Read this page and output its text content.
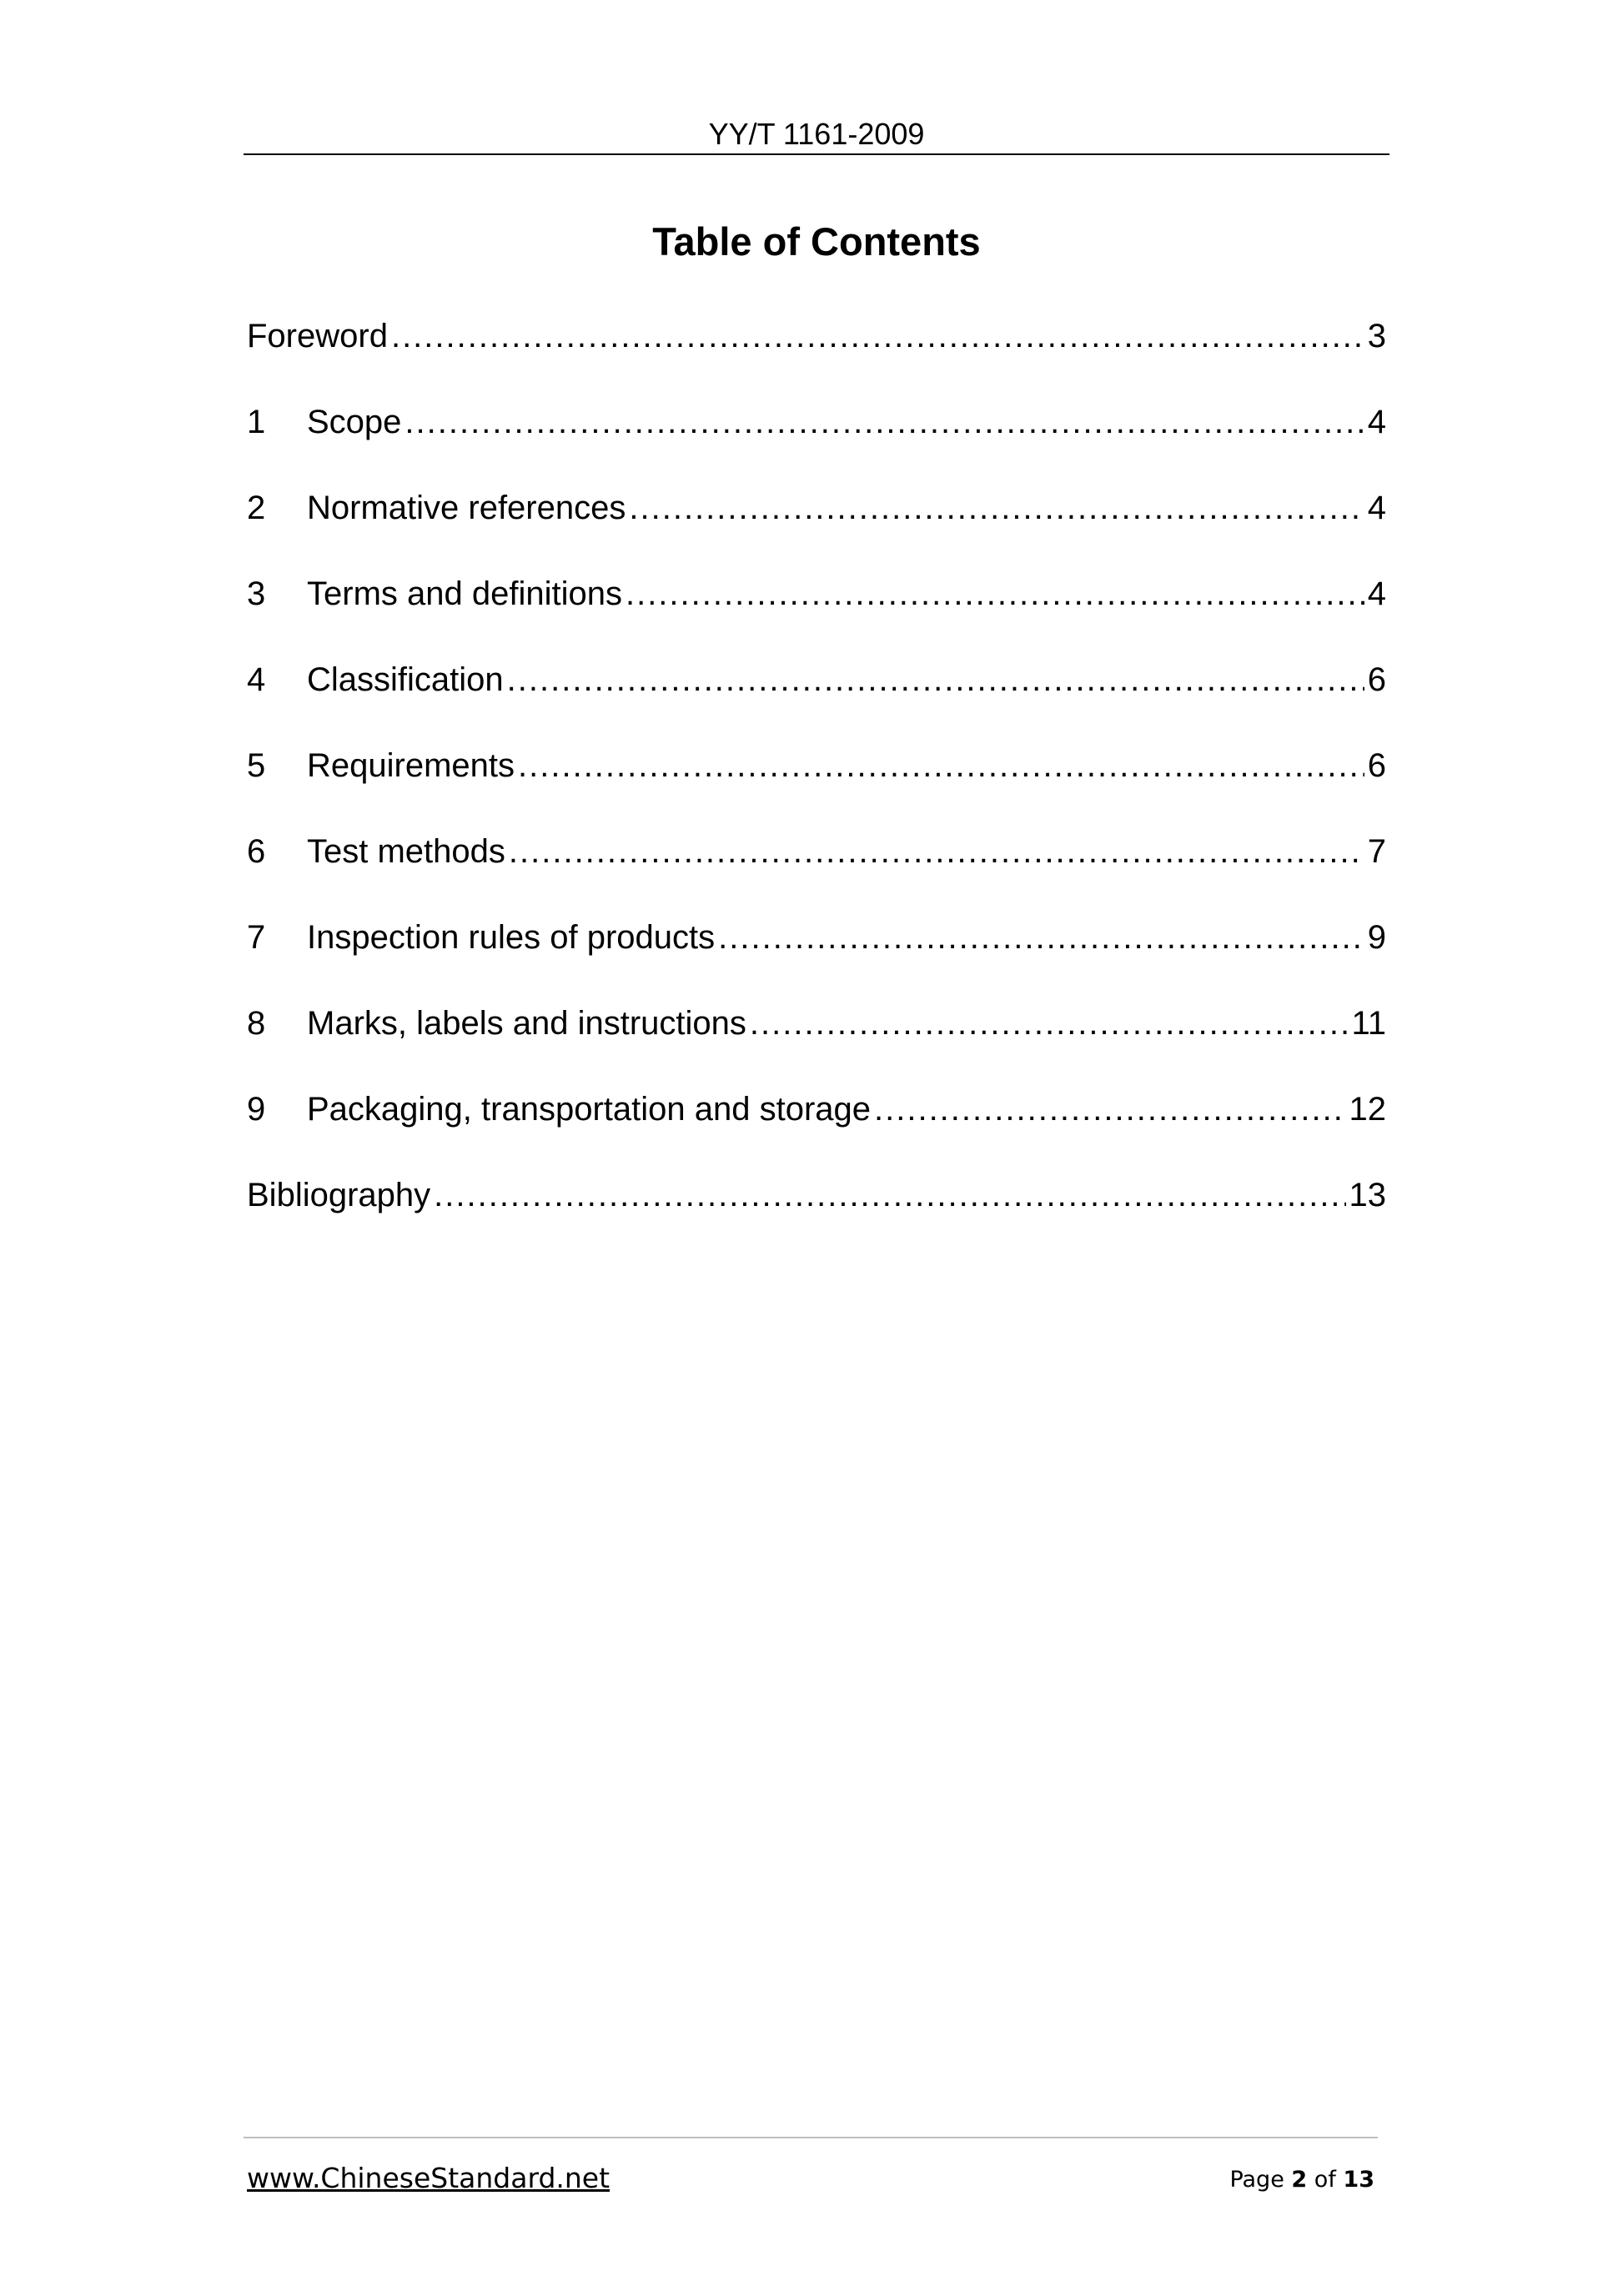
YY/T 1161-2009
Table of Contents
Foreword .....	3
1	Scope .....	4
2	Normative references .....	4
3	Terms and definitions .....	4
4	Classification .....	6
5	Requirements .....	6
6	Test methods .....	7
7	Inspection rules of products .....	9
8	Marks, labels and instructions .....	11
9	Packaging, transportation and storage .....	12
Bibliography .....	13
www.ChineseStandard.net	Page 2 of 13
